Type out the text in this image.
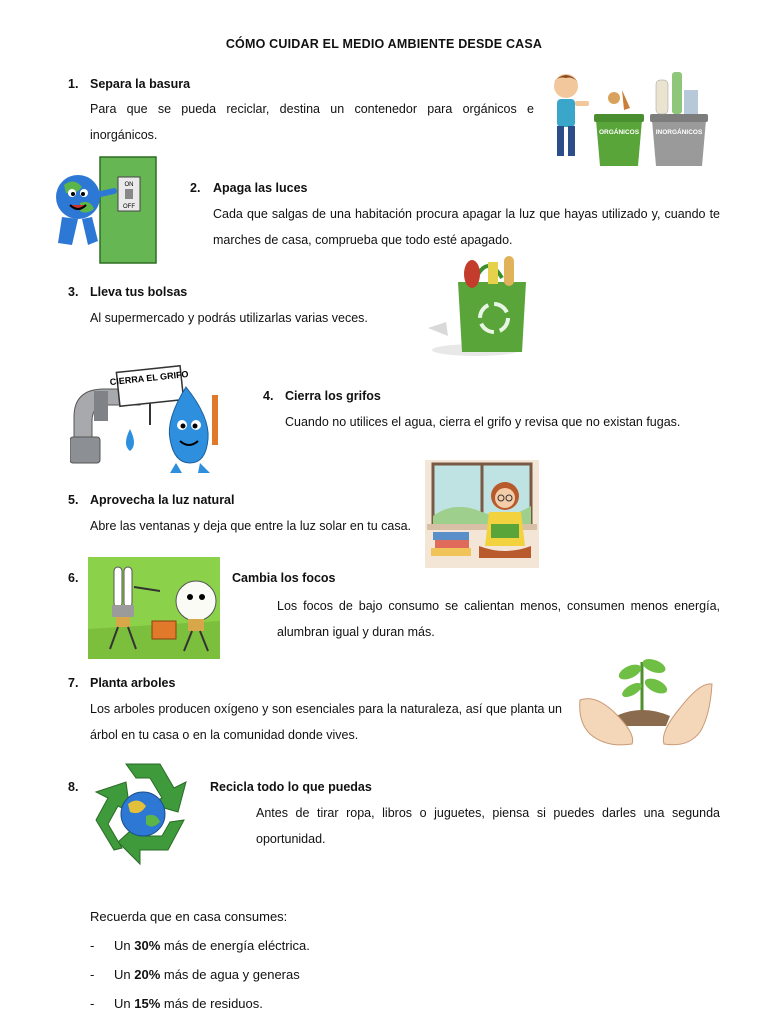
CÓMO CUIDAR EL MEDIO AMBIENTE DESDE CASA
1. Separa la basura
Para que se pueda reciclar, destina un contenedor para orgánicos e inorgánicos.	ORGÁNICOS	INORGÁNICOS
ON
OFF
2. Apaga las luces
Cada que salgas de una habitación procura apagar la luz que hayas utilizado y, cuando te marches de casa, comprueba que todo esté apagado.
3. Lleva tus bolsas
Al supermercado y podrás utilizarlas varias veces.
CIERRA EL GRIFO
4. Cierra los grifos
Cuando no utilices el agua, cierra el grifo y revisa que no existan fugas.
5. Aprovecha la luz natural
Abre las ventanas y deja que entre la luz solar en tu casa.
6.	Cambia los focos
Los focos de bajo consumo se calientan menos, consumen menos energía, alumbran igual y duran más.
7. Planta arboles
Los arboles producen oxígeno y son esenciales para la naturaleza, así que planta un árbol en tu casa o en la comunidad donde vives.
8.	Recicla todo lo que puedas
Antes de tirar ropa, libros o juguetes, piensa si puedes darles una segunda oportunidad.
Recuerda que en casa consumes:
- Un 30% más de energía eléctrica.
- Un 20% más de agua y generas
- Un 15% más de residuos.
